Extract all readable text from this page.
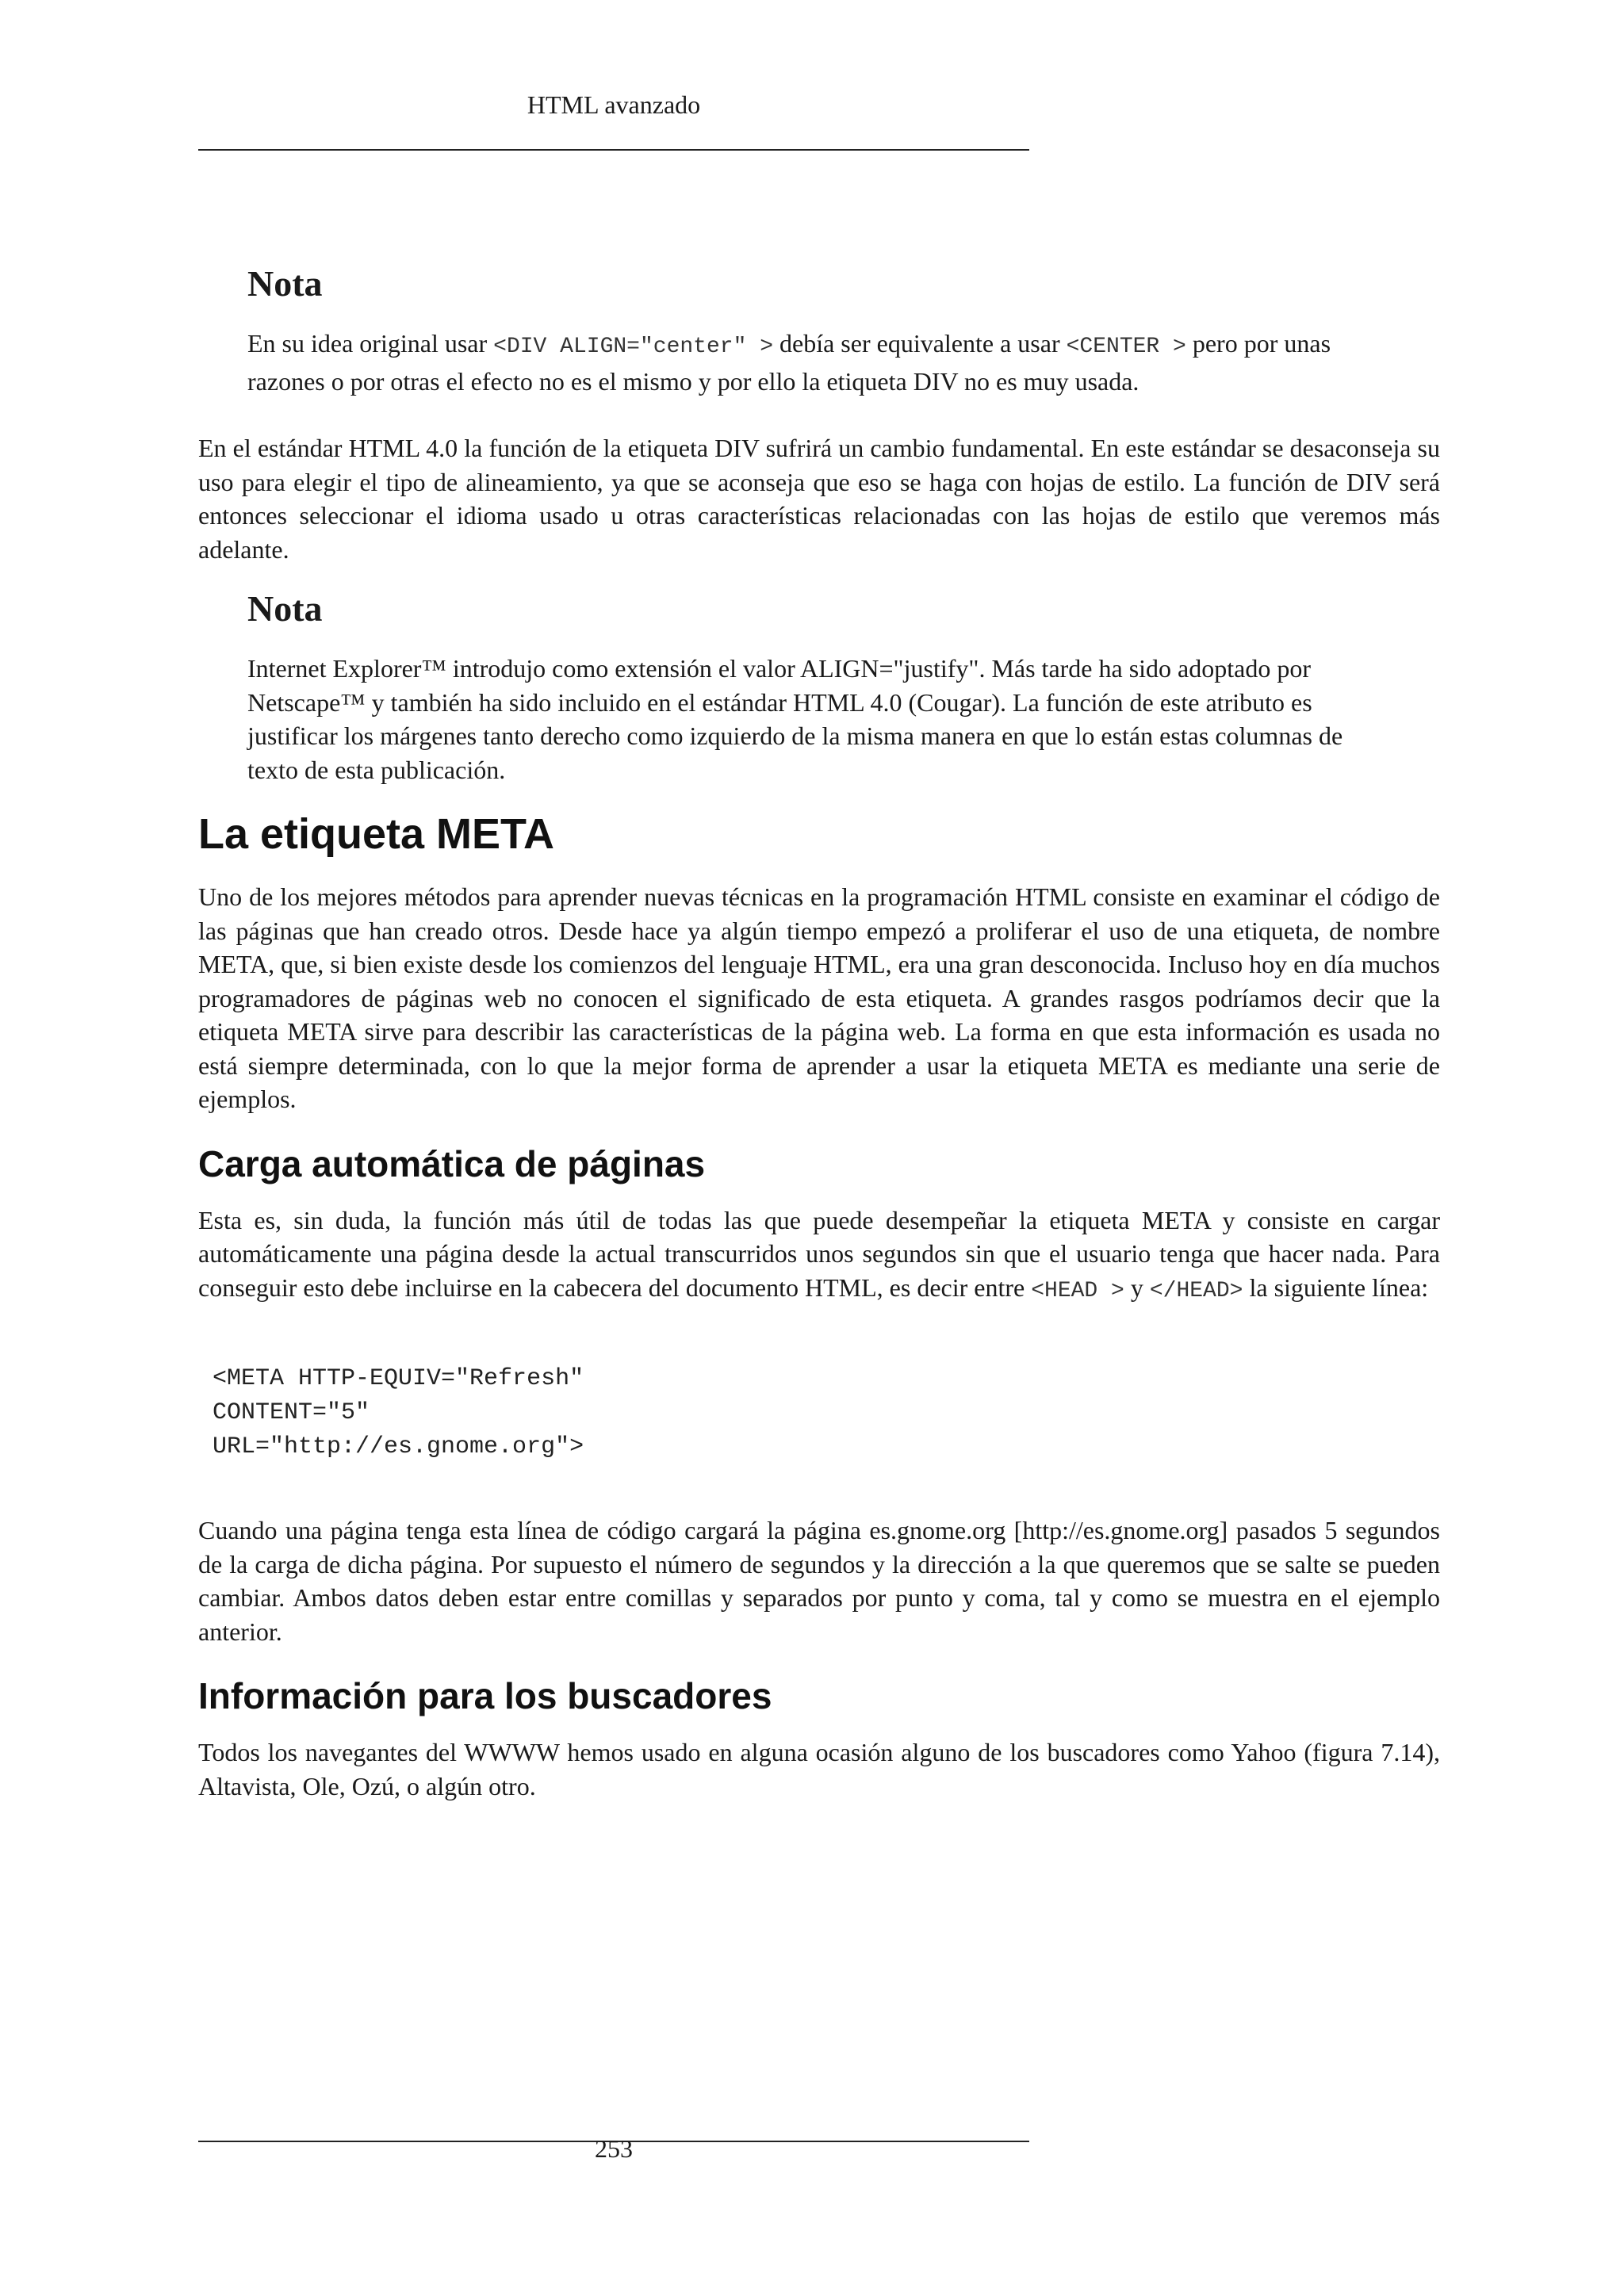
HTML avanzado
Nota

En su idea original usar <DIV ALIGN="center" > debía ser equivalente a usar <CENTER > pero por unas razones o por otras el efecto no es el mismo y por ello la etiqueta DIV no es muy usada.

En el estándar HTML 4.0 la función de la etiqueta DIV sufrirá un cambio fundamental. En este estándar se desaconseja su uso para elegir el tipo de alineamiento, ya que se aconseja que eso se haga con hojas de estilo. La función de DIV será entonces seleccionar el idioma usado u otras características relacionadas con las hojas de estilo que veremos más adelante.

Nota

Internet Explorer™ introdujo como extensión el valor ALIGN="justify". Más tarde ha sido adoptado por Netscape™ y también ha sido incluido en el estándar HTML 4.0 (Cougar). La función de este atributo es justificar los márgenes tanto derecho como izquierdo de la misma manera en que lo están estas columnas de texto de esta publicación.

La etiqueta META

Uno de los mejores métodos para aprender nuevas técnicas en la programación HTML consiste en examinar el código de las páginas que han creado otros. Desde hace ya algún tiempo empezó a proliferar el uso de una etiqueta, de nombre META, que, si bien existe desde los comienzos del lenguaje HTML, era una gran desconocida. Incluso hoy en día muchos programadores de páginas web no conocen el significado de esta etiqueta. A grandes rasgos podríamos decir que la etiqueta META sirve para describir las características de la página web. La forma en que esta información es usada no está siempre determinada, con lo que la mejor forma de aprender a usar la etiqueta META es mediante una serie de ejemplos.

Carga automática de páginas

Esta es, sin duda, la función más útil de todas las que puede desempeñar la etiqueta META y consiste en cargar automáticamente una página desde la actual transcurridos unos segundos sin que el usuario tenga que hacer nada. Para conseguir esto debe incluirse en la cabecera del documento HTML, es decir entre <HEAD > y </HEAD> la siguiente línea:

<META HTTP-EQUIV="Refresh"
CONTENT="5"
URL="http://es.gnome.org">

Cuando una página tenga esta línea de código cargará la página es.gnome.org [http://es.gnome.org] pasados 5 segundos de la carga de dicha página. Por supuesto el número de segundos y la dirección a la que queremos que se salte se pueden cambiar. Ambos datos deben estar entre comillas y separados por punto y coma, tal y como se muestra en el ejemplo anterior.

Información para los buscadores

Todos los navegantes del WWWW hemos usado en alguna ocasión alguno de los buscadores como Yahoo (figura 7.14), Altavista, Ole, Ozú, o algún otro.

253
